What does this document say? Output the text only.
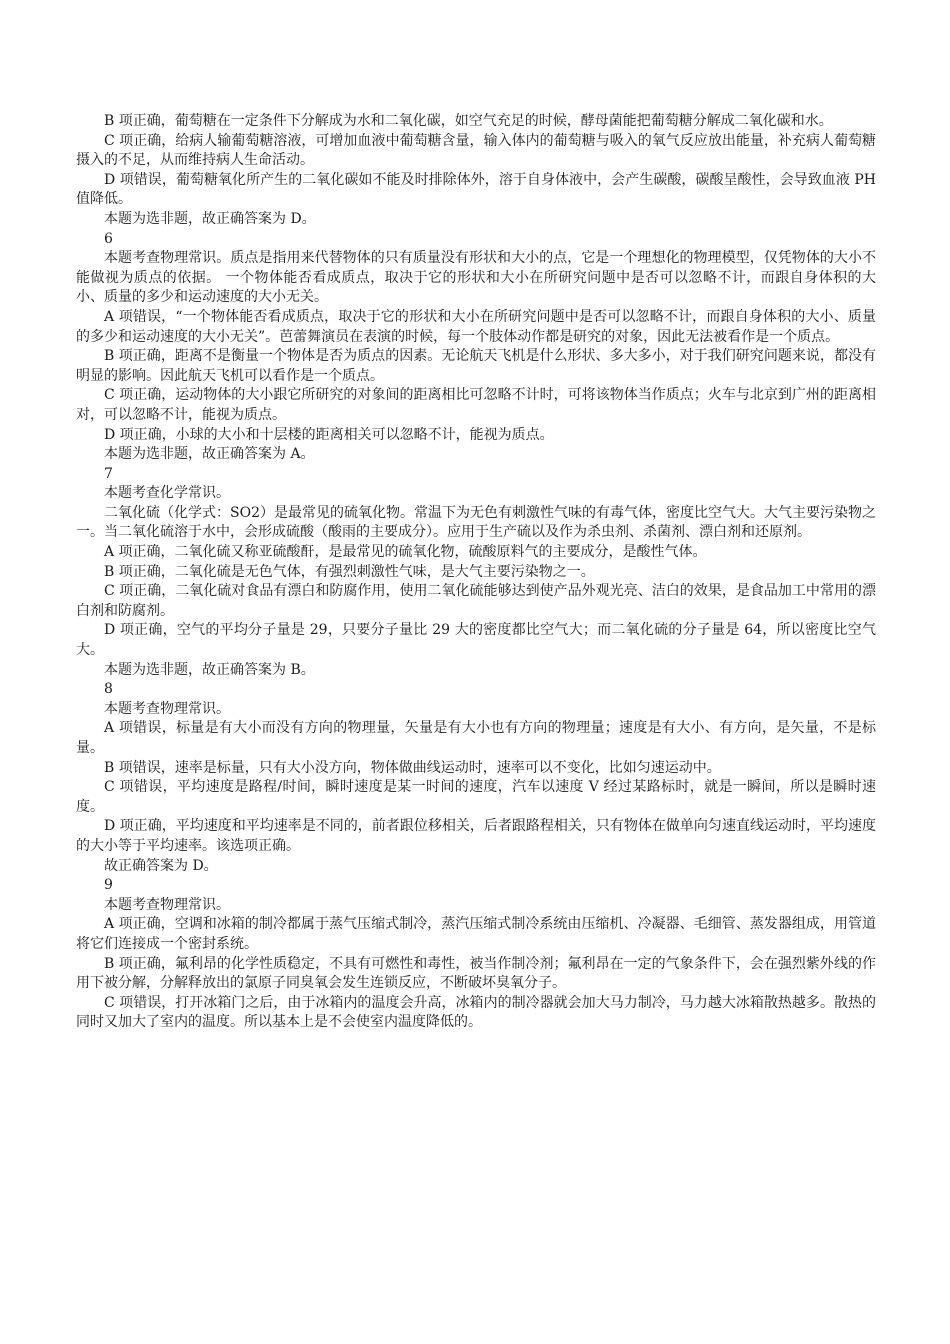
B 项正确，葡萄糖在一定条件下分解成为水和二氧化碳，如空气充足的时候，酵母菌能把葡萄糖分解成二氧化碳和水。

C 项正确，给病人输葡萄糖溶液，可增加血液中葡萄糖含量，输入体内的葡萄糖与吸入的氧气反应放出能量，补充病人葡萄糖摄入的不足，从而维持病人生命活动。

D 项错误，葡萄糖氧化所产生的二氧化碳如不能及时排除体外，溶于自身体液中，会产生碳酸，碳酸呈酸性，会导致血液 PH 值降低。

本题为选非题，故正确答案为 D。

6

本题考查物理常识。质点是指用来代替物体的只有质量没有形状和大小的点，它是一个理想化的物理模型，仅凭物体的大小不能做视为质点的依据。 一个物体能否看成质点，取决于它的形状和大小在所研究问题中是否可以忽略不计，而跟自身体积的大小、质量的多少和运动速度的大小无关。

A 项错误，“一个物体能否看成质点，取决于它的形状和大小在所研究问题中是否可以忽略不计，而跟自身体积的大小、质量的多少和运动速度的大小无关”。芭蕾舞演员在表演的时候，每一个肢体动作都是研究的对象，因此无法被看作是一个质点。

B 项正确，距离不是衡量一个物体是否为质点的因素。无论航天飞机是什么形状、多大多小，对于我们研究问题来说，都没有明显的影响。因此航天飞机可以看作是一个质点。

C 项正确，运动物体的大小跟它所研究的对象间的距离相比可忽略不计时，可将该物体当作质点；火车与北京到广州的距离相对，可以忽略不计，能视为质点。

D 项正确，小球的大小和十层楼的距离相关可以忽略不计，能视为质点。

本题为选非题，故正确答案为 A。

7

本题考查化学常识。

二氧化硫（化学式：SO2）是最常见的硫氧化物。常温下为无色有刺激性气味的有毒气体，密度比空气大。大气主要污染物之一。当二氧化硫溶于水中，会形成硫酸（酸雨的主要成分）。应用于生产硫以及作为杀虫剂、杀菌剂、漂白剂和还原剂。

A 项正确，二氧化硫又称亚硫酸酐，是最常见的硫氧化物，硫酸原料气的主要成分，是酸性气体。

B 项正确，二氧化硫是无色气体，有强烈刺激性气味，是大气主要污染物之一。

C 项正确，二氧化硫对食品有漂白和防腐作用，使用二氧化硫能够达到使产品外观光亮、洁白的效果，是食品加工中常用的漂白剂和防腐剂。

D 项正确，空气的平均分子量是 29，只要分子量比 29 大的密度都比空气大；而二氧化硫的分子量是 64，所以密度比空气大。

本题为选非题，故正确答案为 B。

8

本题考查物理常识。

A 项错误，标量是有大小而没有方向的物理量，矢量是有大小也有方向的物理量；速度是有大小、有方向，是矢量，不是标量。

B 项错误，速率是标量，只有大小没方向，物体做曲线运动时，速率可以不变化，比如匀速运动中。

C 项错误，平均速度是路程/时间，瞬时速度是某一时间的速度，汽车以速度 V 经过某路标时，就是一瞬间，所以是瞬时速度。

D 项正确，平均速度和平均速率是不同的，前者跟位移相关，后者跟路程相关，只有物体在做单向匀速直线运动时，平均速度的大小等于平均速率。该选项正确。

故正确答案为 D。

9

本题考查物理常识。

A 项正确，空调和冰箱的制冷都属于蒸气压缩式制冷，蒸汽压缩式制冷系统由压缩机、冷凝器、毛细管、蒸发器组成，用管道将它们连接成一个密封系统。

B 项正确，氟利昂的化学性质稳定，不具有可燃性和毒性，被当作制冷剂；氟利昂在一定的气象条件下，会在强烈紫外线的作用下被分解，分解释放出的氯原子同臭氧会发生连锁反应，不断破坏臭氧分子。

C 项错误，打开冰箱门之后，由于冰箱内的温度会升高，冰箱内的制冷器就会加大马力制冷，马力越大冰箱散热越多。散热的同时又加大了室内的温度。所以基本上是不会使室内温度降低的。
